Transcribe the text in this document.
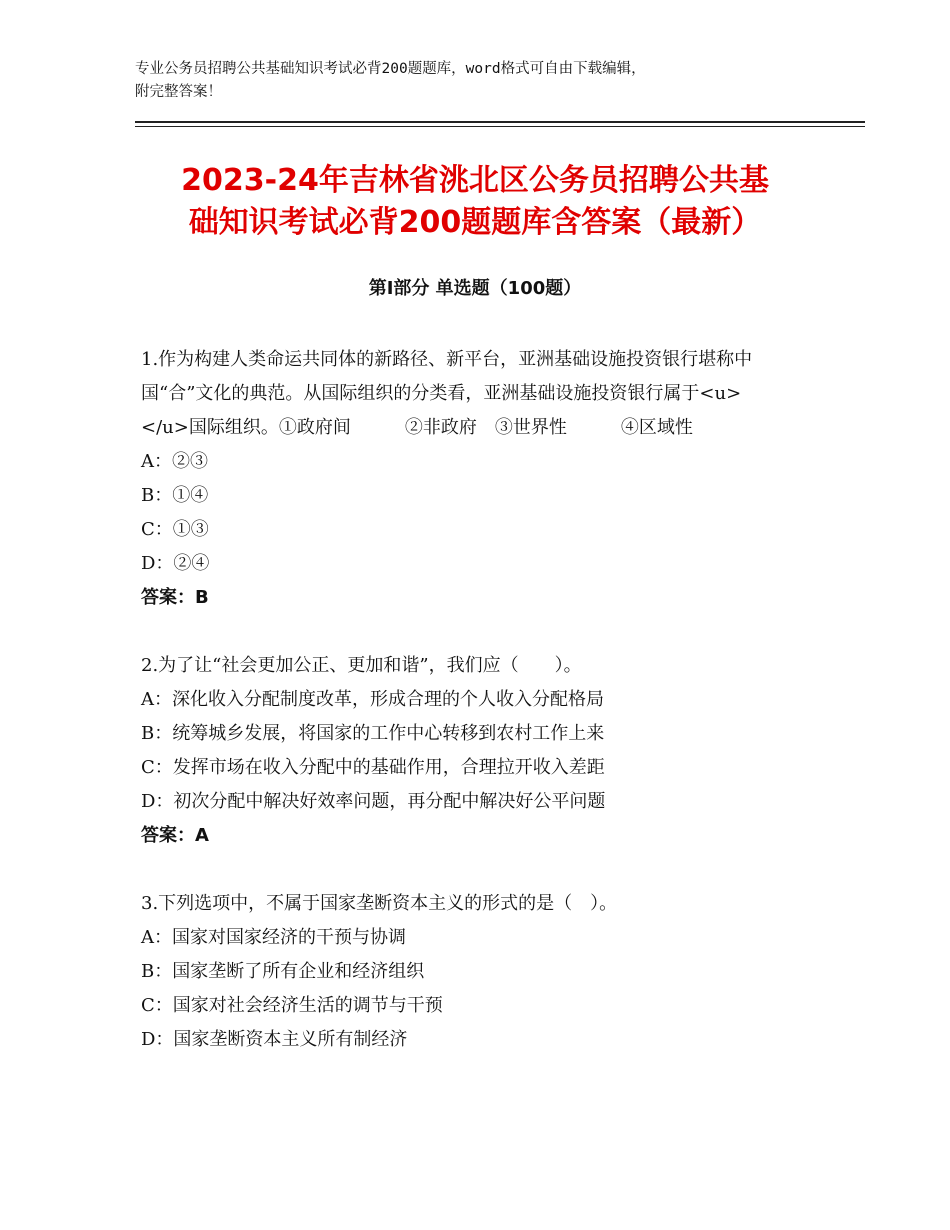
专业公务员招聘公共基础知识考试必背200题题库，word格式可自由下载编辑，
附完整答案！
2023-24年吉林省洮北区公务员招聘公共基
础知识考试必背200题题库含答案（最新）
第Ⅰ部分 单选题（100题）
1.作为构建人类命运共同体的新路径、新平台，亚洲基础设施投资银行堪称中国“合”文化的典范。从国际组织的分类看，亚洲基础设施投资银行属于<u>　　　　</u>国际组织。①政府间　　　②非政府　③世界性　　　④区域性
A：②③
B：①④
C：①③
D：②④
答案：B
2.为了让“社会更加公正、更加和谐”，我们应（　　）。
A：深化收入分配制度改革，形成合理的个人收入分配格局
B：统筹城乡发展，将国家的工作中心转移到农村工作上来
C：发挥市场在收入分配中的基础作用，合理拉开收入差距
D：初次分配中解决好效率问题，再分配中解决好公平问题
答案：A
3.下列选项中，不属于国家垄断资本主义的形式的是（　）。
A：国家对国家经济的干预与协调
B：国家垄断了所有企业和经济组织
C：国家对社会经济生活的调节与干预
D：国家垄断资本主义所有制经济
